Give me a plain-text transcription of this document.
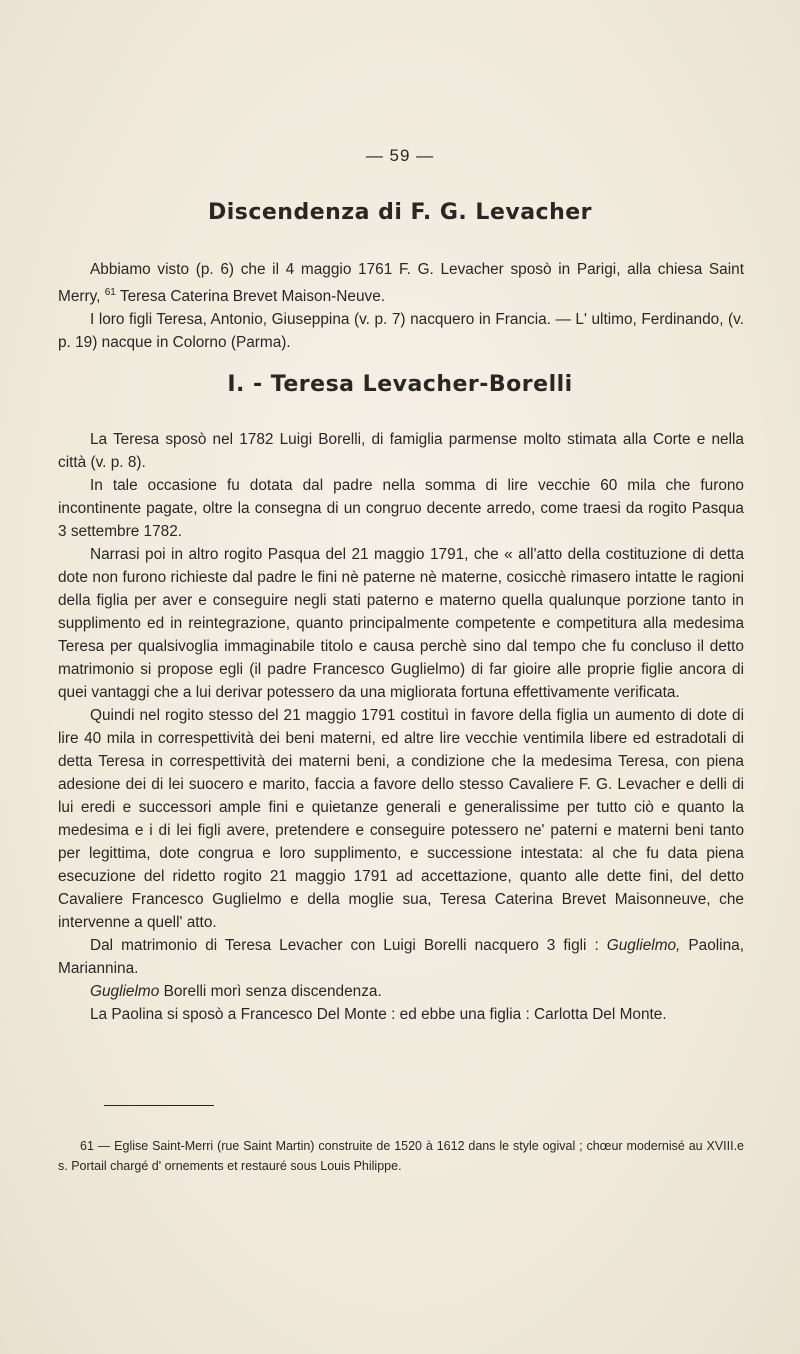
— 59 —
Discendenza di F. G. Levacher

Abbiamo visto (p. 6) che il 4 maggio 1761 F. G. Levacher sposò in Parigi, alla chiesa Saint Merry, $^{61}$ Teresa Caterina Brevet Maison-Neuve.

I loro figli Teresa, Antonio, Giuseppina (v. p. 7) nacquero in Francia. — L' ultimo, Ferdinando, (v. p. 19) nacque in Colorno (Parma).

I. - Teresa Levacher-Borelli

La Teresa sposò nel 1782 Luigi Borelli, di famiglia parmense molto stimata alla Corte e nella città (v. p. 8).

In tale occasione fu dotata dal padre nella somma di lire vecchie 60 mila che furono incontinente pagate, oltre la consegna di un congruo decente arredo, come traesi da rogito Pasqua 3 settembre 1782.

Narrasi poi in altro rogito Pasqua del 21 maggio 1791, che « all'atto della costituzione di detta dote non furono richieste dal padre le fini nè paterne nè materne, cosicchè rimasero intatte le ragioni della figlia per aver e conseguire negli stati paterno e materno quella qualunque porzione tanto in supplimento ed in reintegrazione, quanto principalmente competente e competitura alla medesima Teresa per qualsivoglia immaginabile titolo e causa perchè sino dal tempo che fu concluso il detto matrimonio si propose egli (il padre Francesco Guglielmo) di far gioire alle proprie figlie ancora di quei vantaggi che a lui derivar potessero da una migliorata fortuna effettivamente verificata.

Quindi nel rogito stesso del 21 maggio 1791 costituì in favore della figlia un aumento di dote di lire 40 mila in correspettività dei beni materni, ed altre lire vecchie ventimila libere ed estradotali di detta Teresa in correspettività dei materni beni, a condizione che la medesima Teresa, con piena adesione dei di lei suocero e marito, faccia a favore dello stesso Cavaliere F. G. Levacher e delli di lui eredi e successori ample fini e quietanze generali e generalissime per tutto ciò e quanto la medesima e i di lei figli avere, pretendere e conseguire potessero ne' paterni e materni beni tanto per legittima, dote congrua e loro supplimento, e successione intestata: al che fu data piena esecuzione del ridetto rogito 21 maggio 1791 ad accettazione, quanto alle dette fini, del detto Cavaliere Francesco Guglielmo e della moglie sua, Teresa Caterina Brevet Maisonneuve, che intervenne a quell' atto.

Dal matrimonio di Teresa Levacher con Luigi Borelli nacquero 3 figli : Guglielmo, Paolina, Mariannina.

Guglielmo Borelli morì senza discendenza.

La Paolina si sposò a Francesco Del Monte : ed ebbe una figlia : Carlotta Del Monte.

61 — Eglise Saint-Merri (rue Saint Martin) construite de 1520 à 1612 dans le style ogival ; chœur modernisé au XVIII.e s. Portail chargé d' ornements et restauré sous Louis Philippe.
